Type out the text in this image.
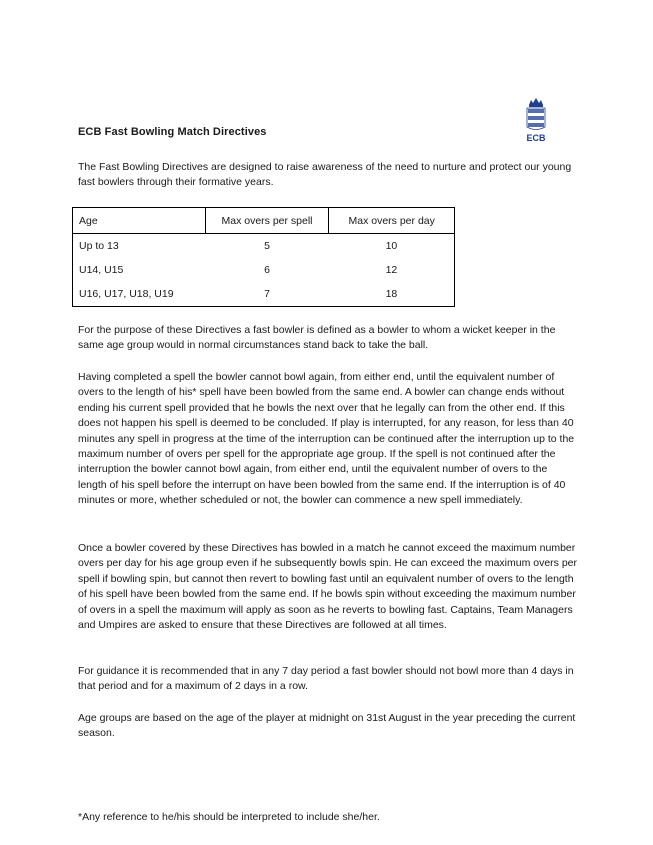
ECB
ECB Fast Bowling Match Directives

The Fast Bowling Directives are designed to raise awareness of the need to nurture and protect our young fast bowlers through their formative years.

Age	Max overs per spell	Max overs per day
Up to 13	5	10
U14, U15	6	12
U16, U17, U18, U19	7	18

For the purpose of these Directives a fast bowler is defined as a bowler to whom a wicket keeper in the same age group would in normal circumstances stand back to take the ball.

Having completed a spell the bowler cannot bowl again, from either end, until the equivalent number of overs to the length of his* spell have been bowled from the same end. A bowler can change ends without ending his current spell provided that he bowls the next over that he legally can from the other end. If this does not happen his spell is deemed to be concluded. If play is interrupted, for any reason, for less than 40 minutes any spell in progress at the time of the interruption can be continued after the interruption up to the maximum number of overs per spell for the appropriate age group. If the spell is not continued after the interruption the bowler cannot bowl again, from either end, until the equivalent number of overs to the length of his spell before the interrupt on have been bowled from the same end. If the interruption is of 40 minutes or more, whether scheduled or not, the bowler can commence a new spell immediately.

Once a bowler covered by these Directives has bowled in a match he cannot exceed the maximum number overs per day for his age group even if he subsequently bowls spin. He can exceed the maximum overs per spell if bowling spin, but cannot then revert to bowling fast until an equivalent number of overs to the length of his spell have been bowled from the same end. If he bowls spin without exceeding the maximum number of overs in a spell the maximum will apply as soon as he reverts to bowling fast. Captains, Team Managers and Umpires are asked to ensure that these Directives are followed at all times.

For guidance it is recommended that in any 7 day period a fast bowler should not bowl more than 4 days in that period and for a maximum of 2 days in a row.

Age groups are based on the age of the player at midnight on 31st August in the year preceding the current season.

*Any reference to he/his should be interpreted to include she/her.
